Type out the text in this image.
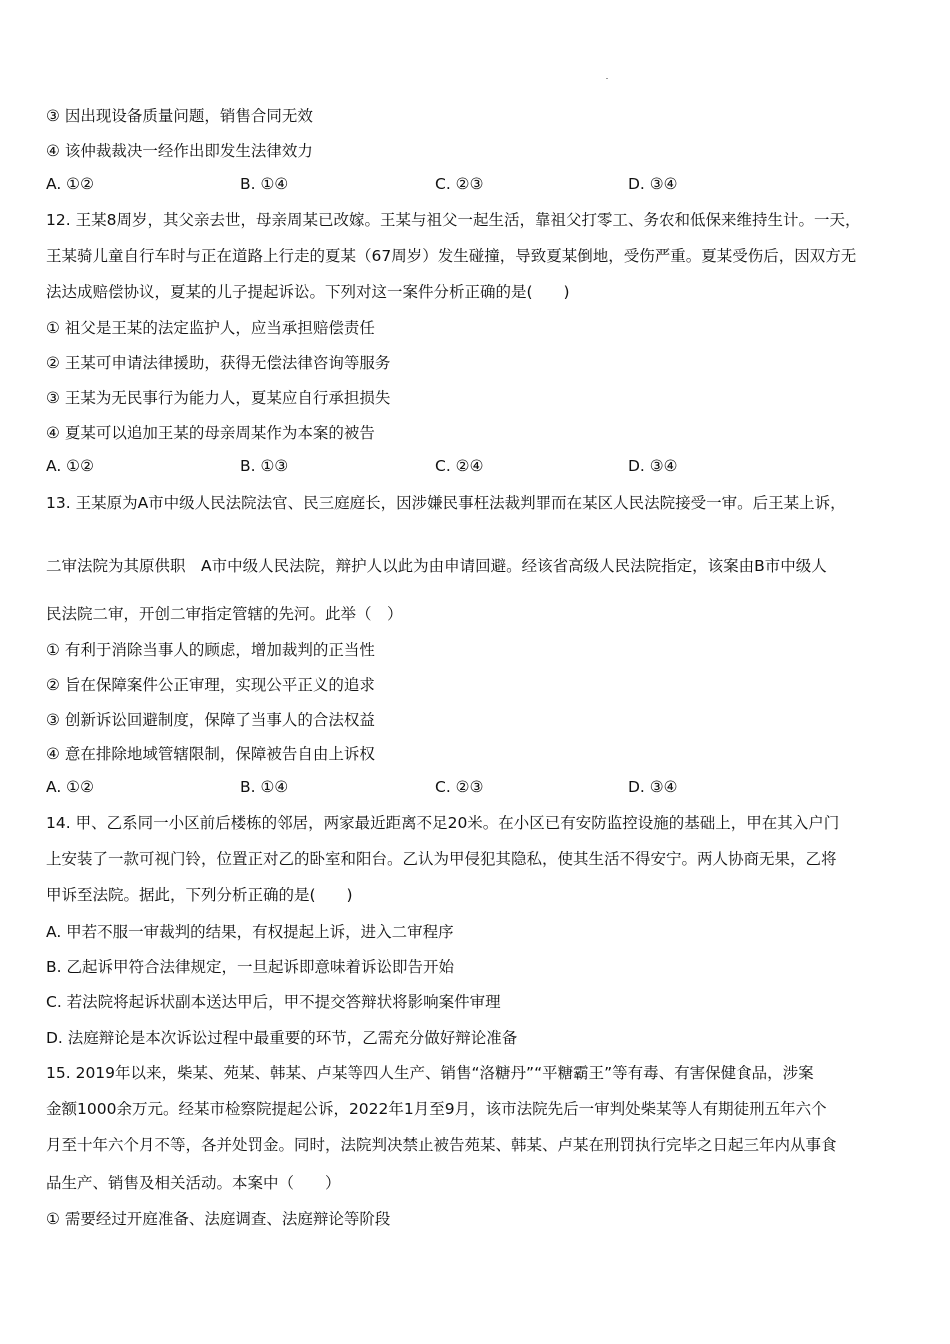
③ 因出现设备质量问题，销售合同无效
④ 该仲裁裁决一经作出即发生法律效力
A. ①②	B. ①④	C. ②③	D. ③④
12. 王某8周岁，其父亲去世，母亲周某已改嫁。王某与祖父一起生活，靠祖父打零工、务农和低保来维持生计。一天，
王某骑儿童自行车时与正在道路上行走的夏某（67周岁）发生碰撞，导致夏某倒地，受伤严重。夏某受伤后，因双方无
法达成赔偿协议，夏某的儿子提起诉讼。下列对这一案件分析正确的是(　　)
① 祖父是王某的法定监护人，应当承担赔偿责任
② 王某可申请法律援助，获得无偿法律咨询等服务
③ 王某为无民事行为能力人，夏某应自行承担损失
④ 夏某可以追加王某的母亲周某作为本案的被告
A. ①②	B. ①③	C. ②④	D. ③④
13. 王某原为A市中级人民法院法官、民三庭庭长，因涉嫌民事枉法裁判罪而在某区人民法院接受一审。后王某上诉，
二审法院为其原供职　A市中级人民法院，辩护人以此为由申请回避。经该省高级人民法院指定，该案由B市中级人
民法院二审，开创二审指定管辖的先河。此举（　）
① 有利于消除当事人的顾虑，增加裁判的正当性
② 旨在保障案件公正审理，实现公平正义的追求
③ 创新诉讼回避制度，保障了当事人的合法权益
④ 意在排除地域管辖限制，保障被告自由上诉权
A. ①②	B. ①④	C. ②③	D. ③④
14. 甲、乙系同一小区前后楼栋的邻居，两家最近距离不足20米。在小区已有安防监控设施的基础上，甲在其入户门
上安装了一款可视门铃，位置正对乙的卧室和阳台。乙认为甲侵犯其隐私，使其生活不得安宁。两人协商无果，乙将
甲诉至法院。据此，下列分析正确的是(　　)
A. 甲若不服一审裁判的结果，有权提起上诉，进入二审程序
B. 乙起诉甲符合法律规定，一旦起诉即意味着诉讼即告开始
C. 若法院将起诉状副本送达甲后，甲不提交答辩状将影响案件审理
D. 法庭辩论是本次诉讼过程中最重要的环节，乙需充分做好辩论准备
15. 2019年以来，柴某、苑某、韩某、卢某等四人生产、销售“洛糖丹”“平糖霸王”等有毒、有害保健食品，涉案
金额1000余万元。经某市检察院提起公诉，2022年1月至9月，该市法院先后一审判处柴某等人有期徒刑五年六个
月至十年六个月不等，各并处罚金。同时，法院判决禁止被告苑某、韩某、卢某在刑罚执行完毕之日起三年内从事食
品生产、销售及相关活动。本案中（　　）
① 需要经过开庭准备、法庭调查、法庭辩论等阶段
